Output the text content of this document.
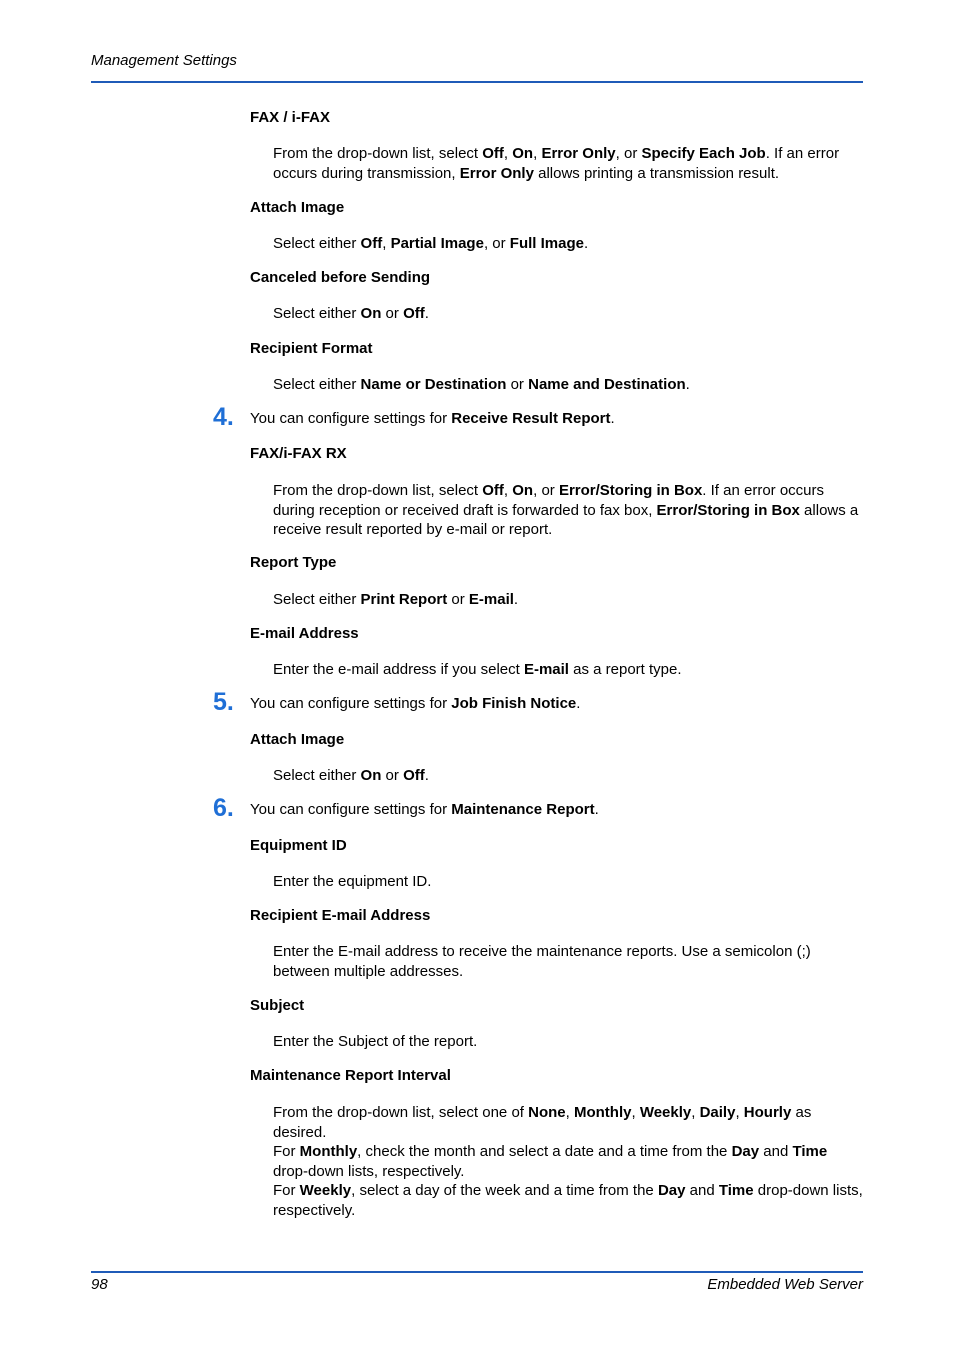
Management Settings
FAX / i-FAX
From the drop-down list, select Off, On, Error Only, or Specify Each Job. If an error occurs during transmission, Error Only allows printing a transmission result.
Attach Image
Select either Off, Partial Image, or Full Image.
Canceled before Sending
Select either On or Off.
Recipient Format
Select either Name or Destination or Name and Destination.
4. You can configure settings for Receive Result Report.
FAX/i-FAX RX
From the drop-down list, select Off, On, or Error/Storing in Box. If an error occurs during reception or received draft is forwarded to fax box, Error/Storing in Box allows a receive result reported by e-mail or report.
Report Type
Select either Print Report or E-mail.
E-mail Address
Enter the e-mail address if you select E-mail as a report type.
5. You can configure settings for Job Finish Notice.
Attach Image
Select either On or Off.
6. You can configure settings for Maintenance Report.
Equipment ID
Enter the equipment ID.
Recipient E-mail Address
Enter the E-mail address to receive the maintenance reports. Use a semicolon (;) between multiple addresses.
Subject
Enter the Subject of the report.
Maintenance Report Interval
From the drop-down list, select one of None, Monthly, Weekly, Daily, Hourly as desired.
For Monthly, check the month and select a date and a time from the Day and Time drop-down lists, respectively.
For Weekly, select a day of the week and a time from the Day and Time drop-down lists, respectively.
98	Embedded Web Server
